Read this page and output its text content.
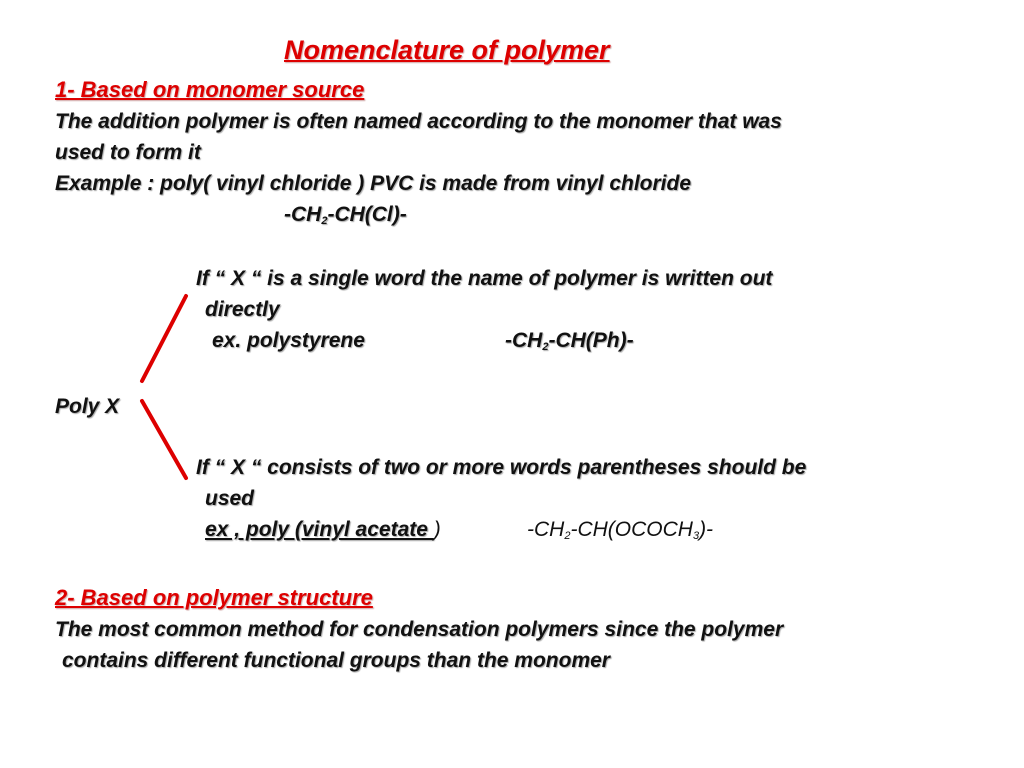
Nomenclature of polymer
1- Based on monomer source
The addition polymer is often named according to the monomer that was
used to form it
Example : poly( vinyl chloride ) PVC is made from vinyl chloride
$-CH_2-CH(Cl)-$
If “ X “ is a single word the name of polymer is written out
directly
ex. polystyrene	$-CH_2-CH(Ph)-$
Poly X
If “ X “ consists of two or more words parentheses should be
used
ex , poly (vinyl acetate )	$-CH_2-CH(OCOCH_3)-$
2- Based on polymer structure
The most common method for condensation polymers since the polymer
contains different functional groups than the monomer
